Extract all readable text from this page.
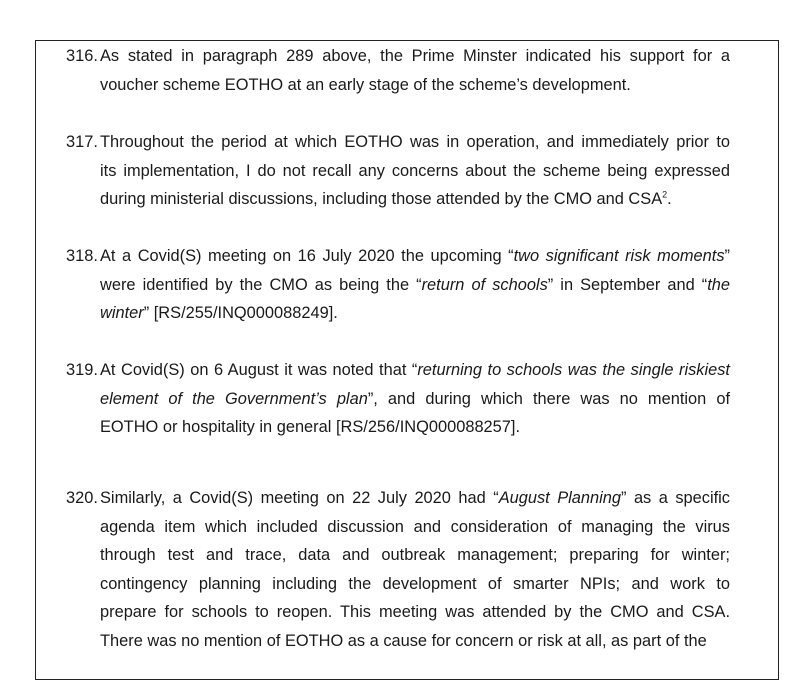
316. As stated in paragraph 289 above, the Prime Minster indicated his support for a
voucher scheme EOTHO at an early stage of the scheme’s development.
317. Throughout the period at which EOTHO was in operation, and immediately prior to
its implementation, I do not recall any concerns about the scheme being expressed
during ministerial discussions, including those attended by the CMO and CSA$^2$.
318. At a Covid(S) meeting on 16 July 2020 the upcoming “two significant risk moments”
were identified by the CMO as being the “return of schools” in September and “the
winter” [RS/255/INQ000088249].
319. At Covid(S) on 6 August it was noted that “returning to schools was the single riskiest
element of the Government’s plan”, and during which there was no mention of
EOTHO or hospitality in general [RS/256/INQ000088257].
320. Similarly, a Covid(S) meeting on 22 July 2020 had “August Planning” as a specific
agenda item which included discussion and consideration of managing the virus
through test and trace, data and outbreak management; preparing for winter;
contingency planning including the development of smarter NPIs; and work to
prepare for schools to reopen. This meeting was attended by the CMO and CSA.
There was no mention of EOTHO as a cause for concern or risk at all, as part of the
